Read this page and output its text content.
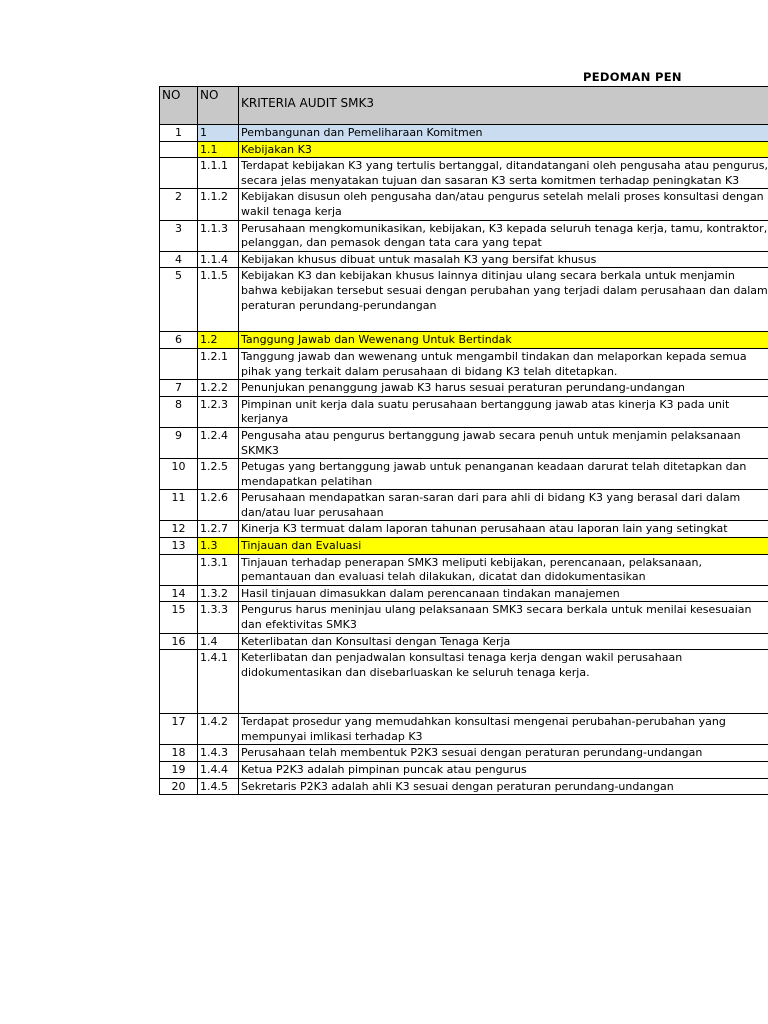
PEDOMAN PEN
NO	NO	KRITERIA AUDIT SMK3
1	1	Pembangunan dan Pemeliharaan Komitmen
	1.1	Kebijakan K3
	1.1.1	Terdapat kebijakan K3 yang tertulis bertanggal, ditandatangani oleh pengusaha atau pengurus, secara jelas menyatakan tujuan dan sasaran K3 serta komitmen terhadap peningkatan K3
2	1.1.2	Kebijakan disusun oleh pengusaha dan/atau pengurus setelah melali proses konsultasi dengan wakil tenaga kerja
3	1.1.3	Perusahaan mengkomunikasikan, kebijakan, K3 kepada seluruh tenaga kerja, tamu, kontraktor, pelanggan, dan pemasok dengan tata cara yang tepat
4	1.1.4	Kebijakan khusus dibuat untuk masalah K3 yang bersifat khusus
5	1.1.5	Kebijakan K3 dan kebijakan khusus lainnya ditinjau ulang secara berkala untuk menjamin bahwa kebijakan tersebut sesuai dengan perubahan yang terjadi dalam perusahaan dan dalam peraturan perundang-perundangan
6	1.2	Tanggung Jawab dan Wewenang Untuk Bertindak
	1.2.1	Tanggung jawab dan wewenang untuk mengambil tindakan dan melaporkan kepada semua pihak yang terkait dalam perusahaan di bidang K3 telah ditetapkan.
7	1.2.2	Penunjukan penanggung jawab K3 harus sesuai peraturan perundang-undangan
8	1.2.3	Pimpinan unit kerja dala suatu perusahaan bertanggung jawab atas kinerja K3 pada unit kerjanya
9	1.2.4	Pengusaha atau pengurus bertanggung jawab secara penuh untuk menjamin pelaksanaan SKMK3
10	1.2.5	Petugas yang bertanggung jawab untuk penanganan keadaan darurat telah ditetapkan dan mendapatkan pelatihan
11	1.2.6	Perusahaan mendapatkan saran-saran dari para ahli di bidang K3 yang berasal dari dalam dan/atau luar perusahaan
12	1.2.7	Kinerja K3 termuat dalam laporan tahunan perusahaan atau laporan lain yang setingkat
13	1.3	Tinjauan dan Evaluasi
	1.3.1	Tinjauan terhadap penerapan SMK3 meliputi kebijakan, perencanaan, pelaksanaan, pemantauan dan evaluasi telah dilakukan, dicatat dan didokumentasikan
14	1.3.2	Hasil tinjauan dimasukkan dalam perencanaan tindakan manajemen
15	1.3.3	Pengurus harus meninjau ulang pelaksanaan SMK3 secara berkala untuk menilai kesesuaian dan efektivitas SMK3
16	1.4	Keterlibatan dan Konsultasi dengan Tenaga Kerja
	1.4.1	Keterlibatan dan penjadwalan konsultasi tenaga kerja dengan wakil perusahaan didokumentasikan dan disebarluaskan ke seluruh tenaga kerja.
17	1.4.2	Terdapat prosedur yang memudahkan konsultasi mengenai perubahan-perubahan yang mempunyai imlikasi terhadap K3
18	1.4.3	Perusahaan telah membentuk P2K3 sesuai dengan peraturan perundang-undangan
19	1.4.4	Ketua P2K3 adalah pimpinan puncak atau pengurus
20	1.4.5	Sekretaris P2K3 adalah ahli K3 sesuai dengan peraturan perundang-undangan
